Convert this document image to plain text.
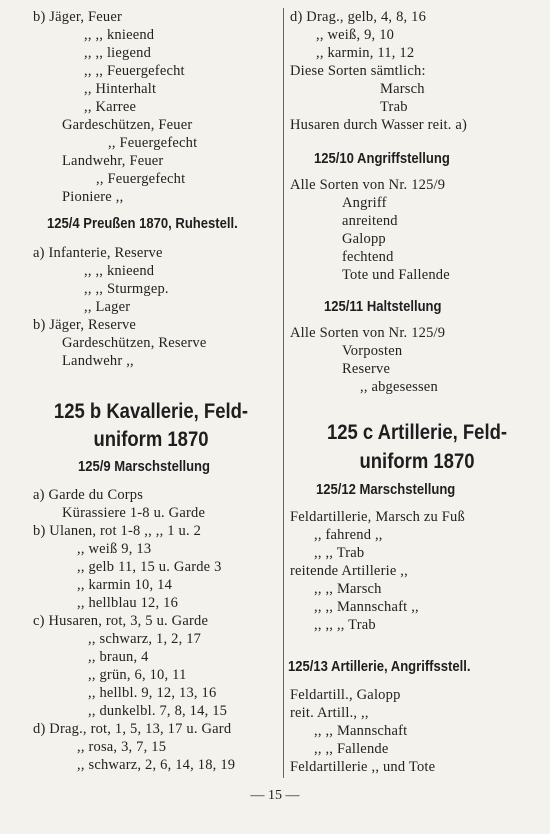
b) Jäger, Feuer
,, ,, knieend
,, ,, liegend
,, ,, Feuergefecht
,, Hinterhalt
,, Karree
Gardeschützen, Feuer
,, Feuergefecht
Landwehr, Feuer
,, Feuergefecht
Pioniere ,,
125/4 Preußen 1870, Ruhestell.
a) Infanterie, Reserve
,, ,, knieend
,, ,, Sturmgep.
,, Lager
b) Jäger, Reserve
Gardeschützen, Reserve
Landwehr ,,
125 b Kavallerie, Feld-
uniform 1870
125/9 Marschstellung
a) Garde du Corps
Kürassiere 1-8 u. Garde
b) Ulanen, rot 1-8 ,, ,, 1 u. 2
,, weiß 9, 13
,, gelb 11, 15 u. Garde 3
,, karmin 10, 14
,, hellblau 12, 16
c) Husaren, rot, 3, 5 u. Garde
,, schwarz, 1, 2, 17
,, braun, 4
,, grün, 6, 10, 11
,, hellbl. 9, 12, 13, 16
,, dunkelbl. 7, 8, 14, 15
d) Drag., rot, 1, 5, 13, 17 u. Gard
,, rosa, 3, 7, 15
,, schwarz, 2, 6, 14, 18, 19
d) Drag., gelb, 4, 8, 16
,, weiß, 9, 10
,, karmin, 11, 12
Diese Sorten sämtlich:
Marsch
Trab
Husaren durch Wasser reit. a)
125/10 Angriffstellung
Alle Sorten von Nr. 125/9
Angriff
anreitend
Galopp
fechtend
Tote und Fallende
125/11 Haltstellung
Alle Sorten von Nr. 125/9
Vorposten
Reserve
,, abgesessen
125 c Artillerie, Feld-
uniform 1870
125/12 Marschstellung
Feldartillerie, Marsch zu Fuß
,, fahrend ,,
,, ,, Trab
reitende Artillerie ,,
,, ,, Marsch
,, ,, Mannschaft ,,
,, ,, ,, Trab
125/13 Artillerie, Angriffsstell.
Feldartill., Galopp
reit. Artill., ,,
,, ,, Mannschaft
,, ,, Fallende
Feldartillerie ,, und Tote
— 15 —
